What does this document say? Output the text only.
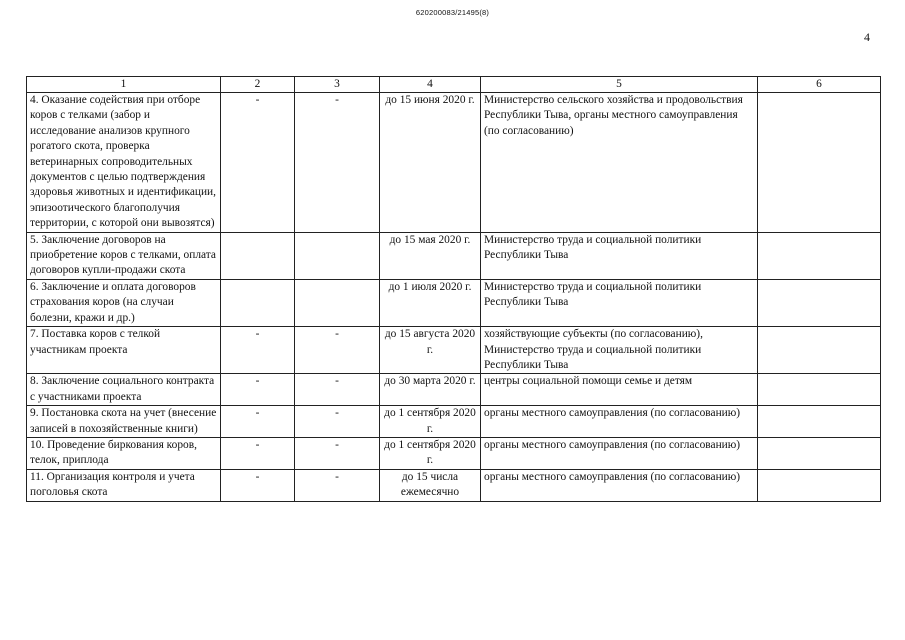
620200083/21495(8)
4
1	2	3	4	5	6
4. Оказание содействия при отборе коров с телками (забор и исследование анализов крупного рогатого скота, проверка ветеринарных сопроводительных документов с целью подтверждения здоровья животных и идентификации, эпизоотического благополучия территории, с которой они вывозятся)	-	-	до 15 июня 2020 г.	Министерство сельского хозяйства и продовольствия Республики Тыва, органы местного самоуправления (по согласованию)	
5. Заключение договоров на приобретение коров с телками, оплата договоров купли-продажи скота			до 15 мая 2020 г.	Министерство труда и социальной политики Республики Тыва	
6. Заключение и оплата договоров страхования коров (на случаи болезни, кражи и др.)			до 1 июля 2020 г.	Министерство труда и социальной политики Республики Тыва	
7. Поставка коров с телкой участникам проекта	-	-	до 15 августа 2020 г.	хозяйствующие субъекты (по согласованию), Министерство труда и социальной политики Республики Тыва	
8. Заключение социального контракта с участниками проекта	-	-	до 30 марта 2020 г.	центры социальной помощи семье и детям	
9. Постановка скота на учет (внесение записей в похозяйственные книги)	-	-	до 1 сентября 2020 г.	органы местного самоуправления (по согласованию)	
10. Проведение биркования коров, телок, приплода	-	-	до 1 сентября 2020 г.	органы местного самоуправления (по согласованию)	
11. Организация контроля и учета поголовья скота	-	-	до 15 числа ежемесячно	органы местного самоуправления (по согласованию)	
